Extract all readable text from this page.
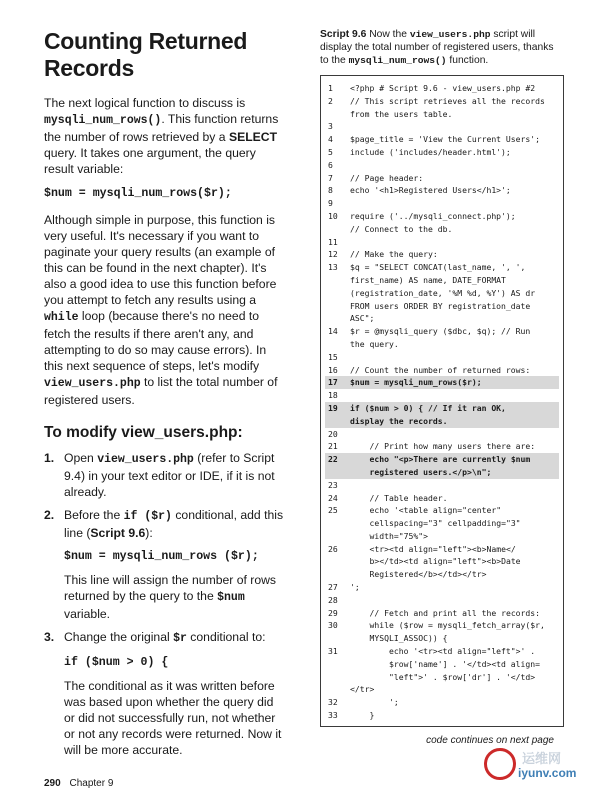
Counting Returned Records

The next logical function to discuss is mysqli_num_rows(). This function returns the number of rows retrieved by a SELECT query. It takes one argument, the query result variable:

$num = mysqli_num_rows($r);

Although simple in purpose, this function is very useful. It's necessary if you want to paginate your query results (an example of this can be found in the next chapter). It's also a good idea to use this function before you attempt to fetch any results using a while loop (because there's no need to fetch the results if there aren't any, and attempting to do so may cause errors). In this next sequence of steps, let's modify view_users.php to list the total number of registered users.

To modify view_users.php:
1. Open view_users.php (refer to Script 9.4) in your text editor or IDE, if it is not already.

2. Before the if ($r) conditional, add this line (Script 9.6):

$num = mysqli_num_rows ($r);

This line will assign the number of rows returned by the query to the $num variable.

3. Change the original $r conditional to:

if ($num > 0) {

The conditional as it was written before was based upon whether the query did or did not successfully run, not whether or not any records were returned. Now it will be more accurate.

Script 9.6 Now the view_users.php script will display the total number of registered users, thanks to the mysqli_num_rows() function.

1	<?php # Script 9.6 - view_users.php #2
2	// This script retrieves all the records
from the users table.
3
4	$page_title = 'View the Current Users';
5	include ('includes/header.html');
6
7	// Page header:
8	echo '<h1>Registered Users</h1>';
9
10	require ('../mysqli_connect.php');
// Connect to the db.
11
12	// Make the query:
13	$q = "SELECT CONCAT(last_name, ', ',
first_name) AS name, DATE_FORMAT
(registration_date, '%M %d, %Y') AS dr
FROM users ORDER BY registration_date ASC";
14	$r = @mysqli_query ($dbc, $q); // Run
the query.
15
16	// Count the number of returned rows:
17	$num = mysqli_num_rows($r);
18
19	if ($num > 0) { // If it ran OK,
display the records.
20
21	// Print how many users there are:
22	echo "<p>There are currently $num
registered users.</p>\n";
23
24	// Table header.
25	echo '<table align="center"
cellspacing="3" cellpadding="3"
width="75%">
26	<tr><td align="left"><b>Name</
b></td><td align="left"><b>Date
Registered</b></td></tr>
27	';
28
29	// Fetch and print all the records:
30	while ($row = mysqli_fetch_array($r,
MYSQLI_ASSOC)) {
31	echo '<tr><td align="left">' .
$row['name'] . '</td><td align=
"left">' . $row['dr'] . '</td></tr>
32	';
33	}
code continues on next page
290 Chapter 9
运维网
iyunv.com
